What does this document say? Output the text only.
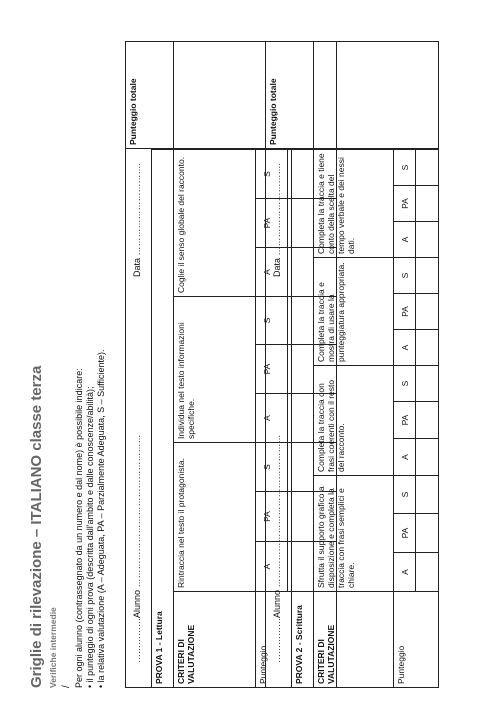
Griglie di rilevazione – ITALIANO classe terza Verifiche intermedie / Per ogni alunno (contrassegnato da un numero e dal nome) è possibile indicare: • il punteggio di ogni prova (descritta dall'ambito e dalle conoscenze/abilità); • la relativa valutazione (A – Adeguata, PA – Parzialmente Adeguata, S – Sufficiente).	……………Alunno ……………………………………………
Data ………………………….
PROVA 1 - Lettura
Punteggio totale
CRITERI DI VALUTAZIONE
Rintraccia nel testo il protagonista.
Individua nel testo informazioni specifiche.
Coglie il senso globale del racconto.
Punteggio
A
PA
S
A
PA
S
A
PA
S
……………Alunno ……………………………………………
Data ………………………….
PROVA 2 - Scrittura
Punteggio totale
CRITERI DI VALUTAZIONE
Sfrutta il supporto grafico a disposizione e completa la traccia con frasi semplici e chiare.
Completa la traccia con frasi coerenti con il resto del racconto.
Completa la traccia e mostra di usare la punteggiatura appropriata.
Completa la traccia e tiene conto della scelta del tempo verbale e dei nessi dati.
Punteggio
A
PA
S
A
PA
S
A
PA
S
A
PA
S
